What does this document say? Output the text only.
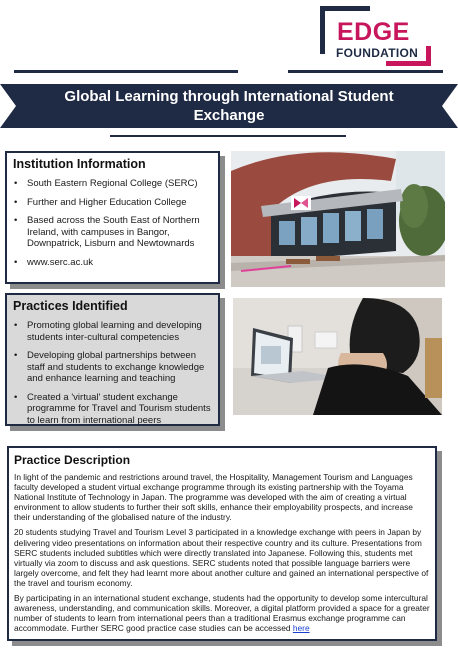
EDGE
FOUNDATION
Global Learning through International Student Exchange
Institution Information
• South Eastern Regional College (SERC)
• Further and Higher Education College
• Based across the South East of Northern Ireland, with campuses in Bangor, Downpatrick, Lisburn and Newtownards
• www.serc.ac.uk
Practices Identified
• Promoting global learning and developing students inter-cultural competencies
• Developing global partnerships between staff and students to exchange knowledge and enhance learning and teaching
• Created a 'virtual' student exchange programme for Travel and Tourism students to learn from international peers
Practice Description

In light of the pandemic and restrictions around travel, the Hospitality, Management Tourism and Languages faculty developed a student virtual exchange programme through its existing partnership with the Toyama National Institute of Technology in Japan. The programme was developed with the aim of creating a virtual environment to allow students to further their soft skills, enhance their employability prospects, and increase their understanding of the globalised nature of the industry.

20 students studying Travel and Tourism Level 3 participated in a knowledge exchange with peers in Japan by delivering video presentations on information about their respective country and its culture. Presentations from SERC students included subtitles which were directly translated into Japanese. Following this, students met virtually via zoom to discuss and ask questions. SERC students noted that possible language barriers were largely overcome, and felt they had learnt more about another culture and gained an international perspective of the travel and tourism economy.

By participating in an international student exchange, students had the opportunity to develop some intercultural awareness, understanding, and communication skills. Moreover, a digital platform provided a space for a greater number of students to learn from international peers than a traditional Erasmus exchange programme can accommodate. Further SERC good practice case studies can be accessed here
